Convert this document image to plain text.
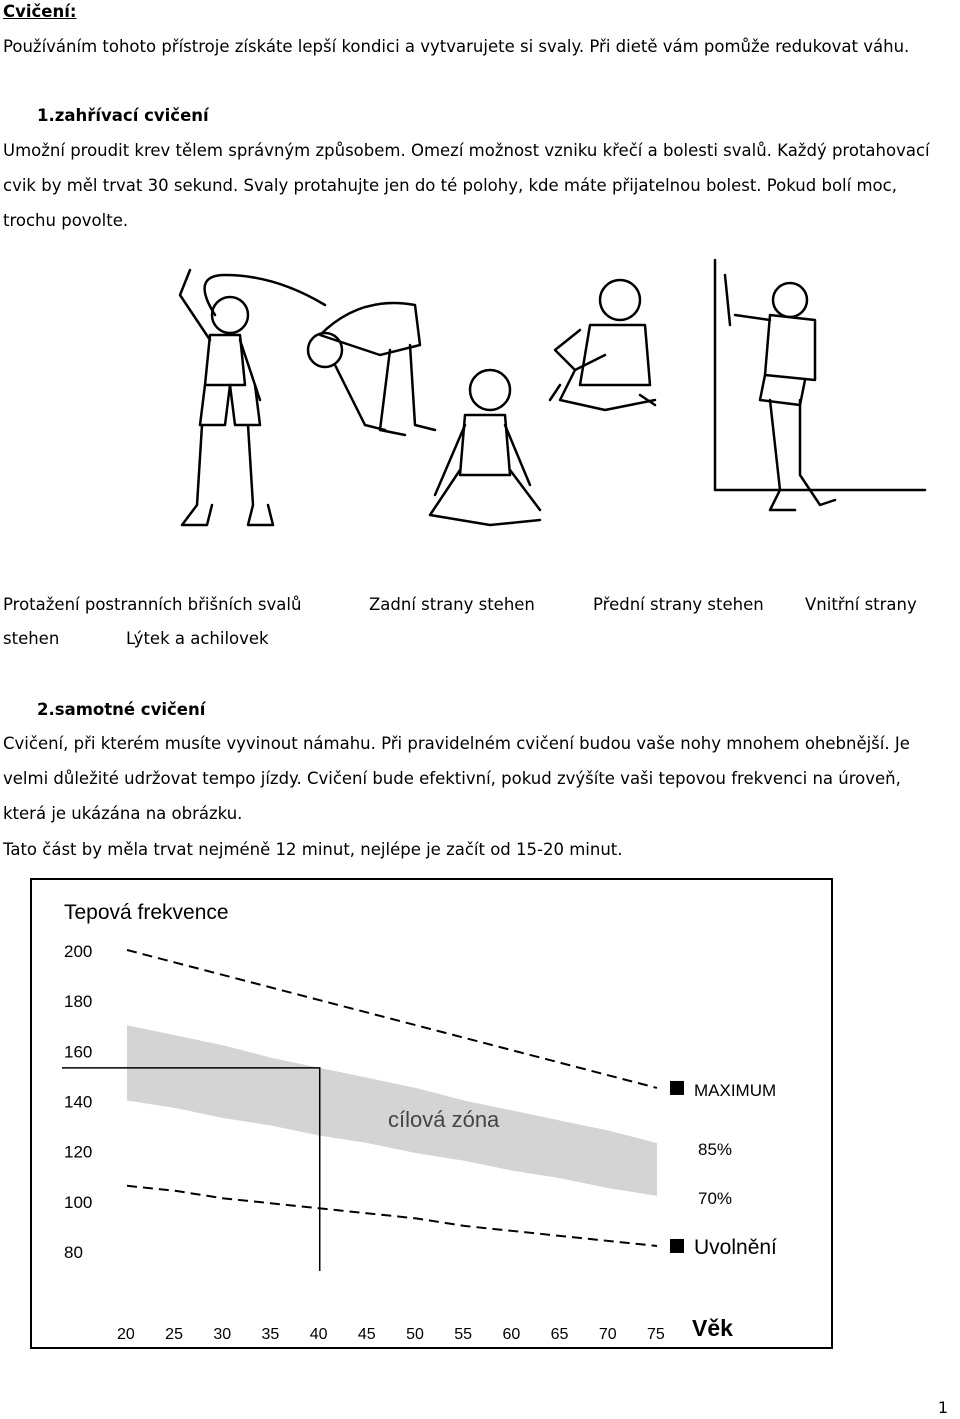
Cvičení:
Používáním tohoto přístroje získáte lepší kondici a vytvarujete si svaly. Při dietě vám pomůže redukovat váhu.
1.zahřívací cvičení
Umožní proudit krev tělem správným způsobem. Omezí možnost vzniku křečí a bolesti svalů. Každý protahovací
cvik by měl trvat 30 sekund. Svaly protahujte jen do té polohy, kde máte přijatelnou bolest. Pokud bolí moc,
trochu povolte.
Protažení postranních břišních svalů	Zadní strany stehen	Přední strany stehen	Vnitřní strany
stehen	Lýtek a achilovek
2.samotné cvičení
Cvičení, při kterém musíte vyvinout námahu. Při pravidelném cvičení budou vaše nohy mnohem ohebnější. Je
velmi důležité udržovat tempo jízdy. Cvičení bude efektivní, pokud zvýšíte vaši tepovou frekvenci na úroveň,
která je ukázána na obrázku.
Tato část by měla trvat nejméně 12 minut, nejlépe je začít od 15-20 minut.
200
180
160
140
120
100
80
20 25 30 35 40 45 50 55 60 65 70 75
MAXIMUM
85%
70%
Uvolnění
Tepová frekvence
Věk
cílová zóna
1
